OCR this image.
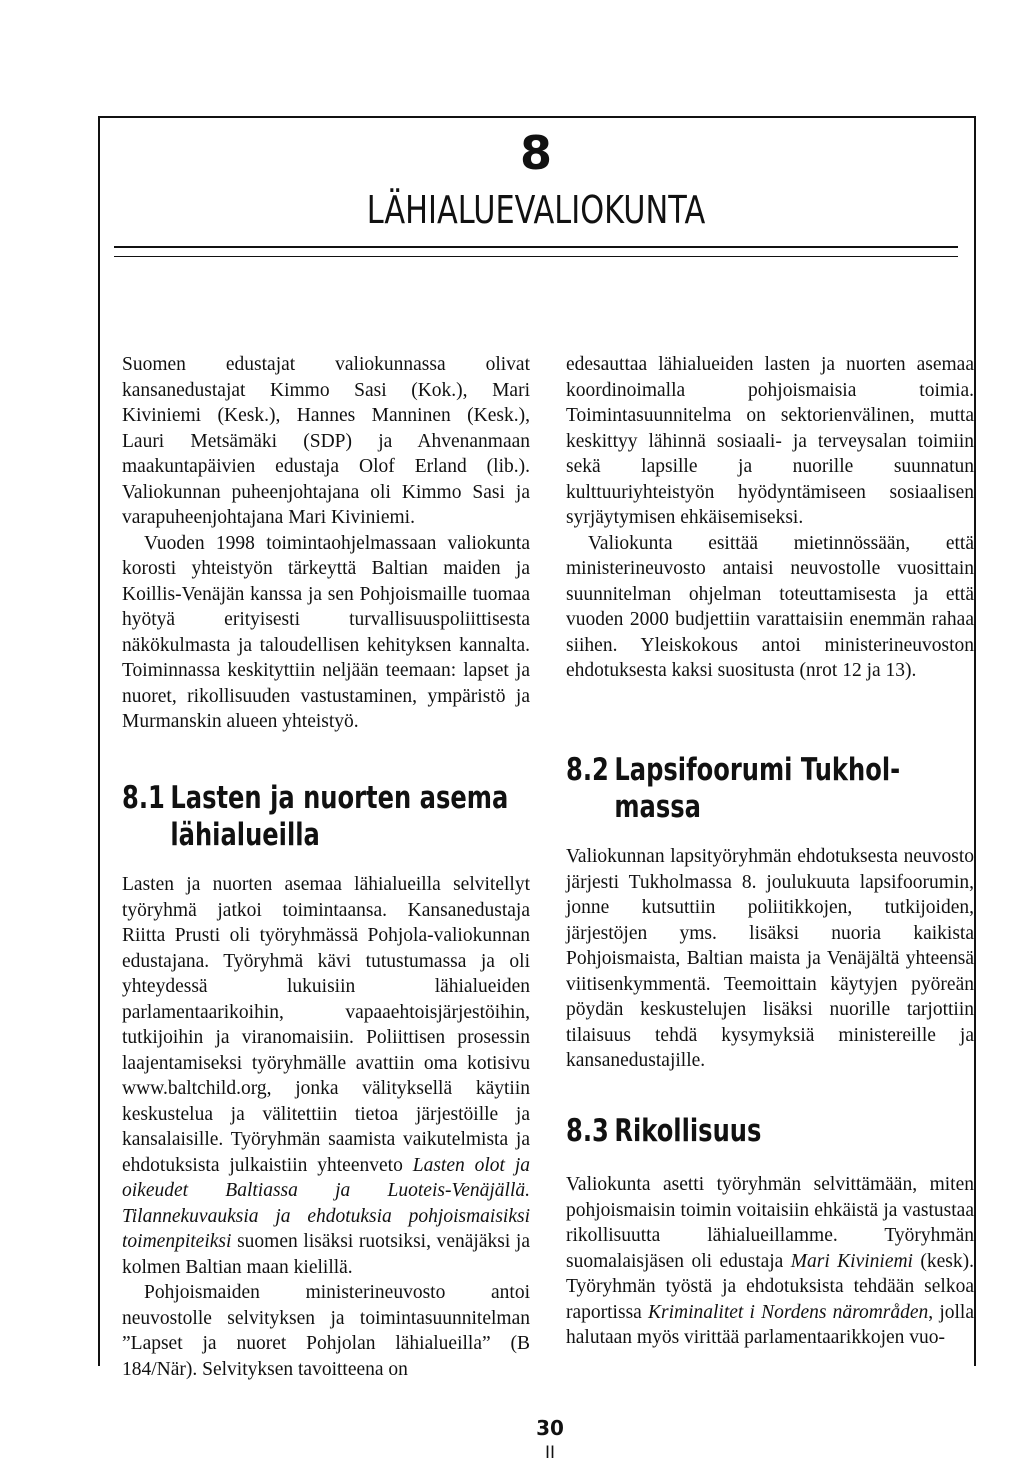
8
LÄHIALUEVALIOKUNTA

Suomen edustajat valiokunnassa olivat kansanedustajat Kimmo Sasi (Kok.), Mari Kiviniemi (Kesk.), Hannes Manninen (Kesk.), Lauri Metsämäki (SDP) ja Ahvenanmaan maakuntapäivien edustaja Olof Erland (lib.). Valiokunnan puheenjohtajana oli Kimmo Sasi ja varapuheenjohtajana Mari Kiviniemi.

Vuoden 1998 toimintaohjelmassaan valiokunta korosti yhteistyön tärkeyttä Baltian maiden ja Koillis-Venäjän kanssa ja sen Pohjoismaille tuomaa hyötyä erityisesti turvallisuuspoliittisesta näkökulmasta ja taloudellisen kehityksen kannalta. Toiminnassa keskityttiin neljään teemaan: lapset ja nuoret, rikollisuuden vastustaminen, ympäristö ja Murmanskin alueen yhteistyö.

8.1 Lasten ja nuorten asema
lähialueilla

Lasten ja nuorten asemaa lähialueilla selvitellyt työryhmä jatkoi toimintaansa. Kansanedustaja Riitta Prusti oli työryhmässä Pohjola-valiokunnan edustajana. Työryhmä kävi tutustumassa ja oli yhteydessä lukuisiin lähialueiden parlamentaarikoihin, vapaaehtoisjärjestöihin, tutkijoihin ja viranomaisiin. Poliittisen prosessin laajentamiseksi työryhmälle avattiin oma kotisivu www.baltchild.org, jonka välityksellä käytiin keskustelua ja välitettiin tietoa järjestöille ja kansalaisille. Työryhmän saamista vaikutelmista ja ehdotuksista julkaistiin yhteenveto Lasten olot ja oikeudet Baltiassa ja Luoteis-Venäjällä. Tilannekuvauksia ja ehdotuksia pohjoismaisiksi toimenpiteiksi suomen lisäksi ruotsiksi, venäjäksi ja kolmen Baltian maan kielillä.

Pohjoismaiden ministerineuvosto antoi neuvostolle selvityksen ja toimintasuunnitelman ”Lapset ja nuoret Pohjolan lähialueilla” (B 184/När). Selvityksen tavoitteena on

edesauttaa lähialueiden lasten ja nuorten asemaa koordinoimalla pohjoismaisia toimia. Toimintasuunnitelma on sektorienvälinen, mutta keskittyy lähinnä sosiaali- ja terveysalan toimiin sekä lapsille ja nuorille suunnatun kulttuuriyhteistyön hyödyntämiseen sosiaalisen syrjäytymisen ehkäisemiseksi.

Valiokunta esittää mietinnössään, että ministerineuvosto antaisi neuvostolle vuosittain suunnitelman ohjelman toteuttamisesta ja että vuoden 2000 budjettiin varattaisiin enemmän rahaa siihen. Yleiskokous antoi ministerineuvoston ehdotuksesta kaksi suositusta (nrot 12 ja 13).

8.2 Lapsifoorumi Tukhol-
massa

Valiokunnan lapsityöryhmän ehdotuksesta neuvosto järjesti Tukholmassa 8. joulukuuta lapsifoorumin, jonne kutsuttiin poliitikkojen, tutkijoiden, järjestöjen yms. lisäksi nuoria kaikista Pohjoismaista, Baltian maista ja Venäjältä yhteensä viitisenkymmentä. Teemoittain käytyjen pyöreän pöydän keskustelujen lisäksi nuorille tarjottiin tilaisuus tehdä kysymyksiä ministereille ja kansanedustajille.

8.3 Rikollisuus

Valiokunta asetti työryhmän selvittämään, miten pohjoismaisin toimin voitaisiin ehkäistä ja vastustaa rikollisuutta lähialueillamme. Työryhmän suomalaisjäsen oli edustaja Mari Kiviniemi (kesk). Työryhmän työstä ja ehdotuksista tehdään selkoa raportissa Kriminalitet i Nordens närområden, jolla halutaan myös virittää parlamentaarikkojen vuo-

30
II
